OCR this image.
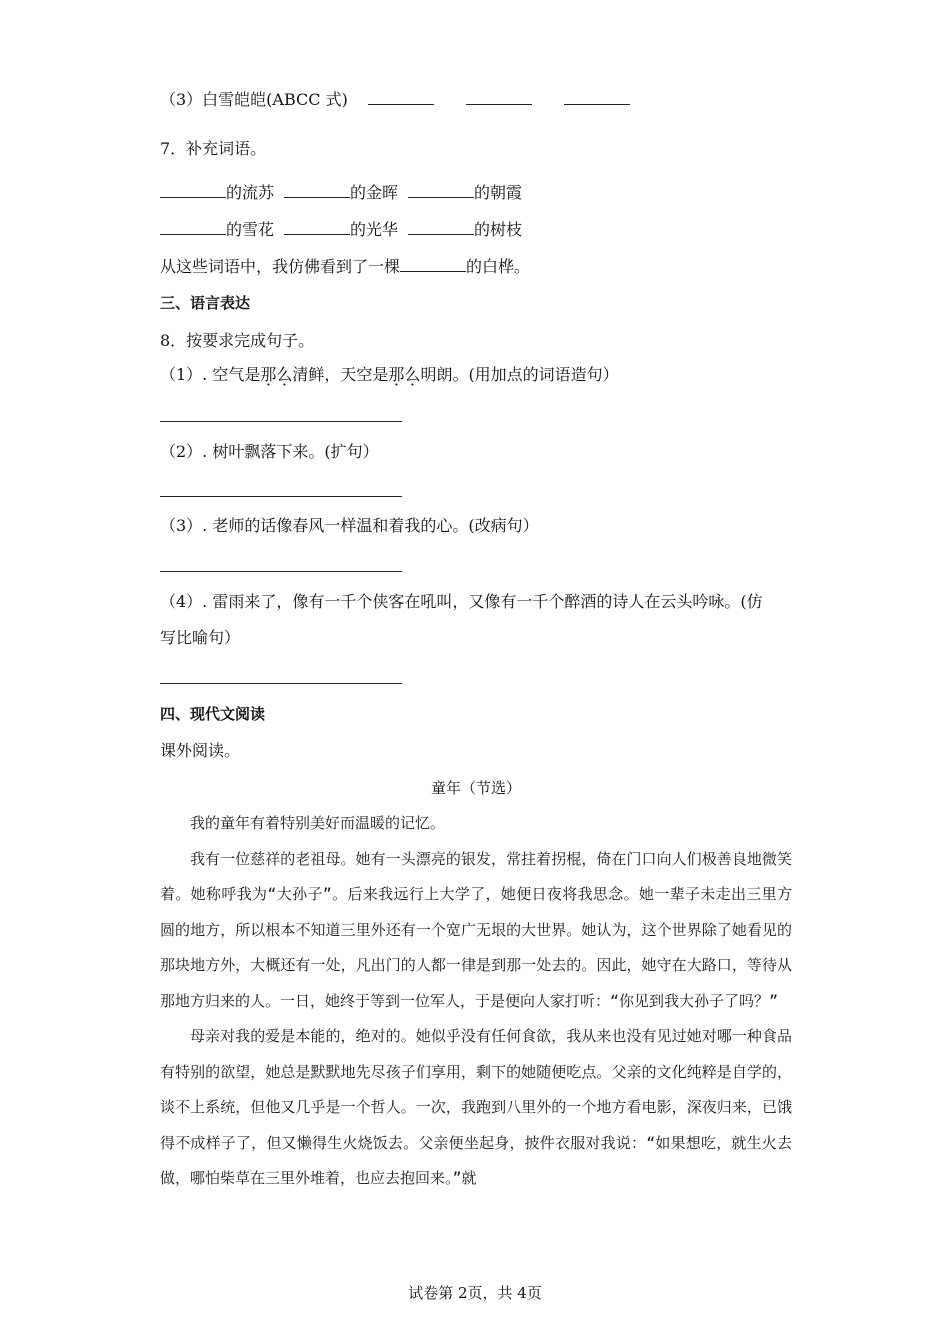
（3）白雪皑皑(ABCC 式)
7．补充词语。
的流苏	的金晖	的朝霞
的雪花	的光华	的树枝
从这些词语中，我仿佛看到了一棵	的白桦。
三、语言表达
8．按要求完成句子。
（1）. 空气是那么清鲜，天空是那么明朗。(用加点的词语造句）
（2）. 树叶飘落下来。(扩句）
（3）. 老师的话像春风一样温和着我的心。(改病句）
（4）. 雷雨来了，像有一千个侠客在吼叫，又像有一千个醉酒的诗人在云头吟咏。(仿
写比喻句）
四、现代文阅读
课外阅读。
童年（节选）

我的童年有着特别美好而温暖的记忆。

我有一位慈祥的老祖母。她有一头漂亮的银发，常拄着拐棍，倚在门口向人们极善良地微笑着。她称呼我为“大孙子”。后来我远行上大学了，她便日夜将我思念。她一辈子未走出三里方圆的地方，所以根本不知道三里外还有一个宽广无垠的大世界。她认为，这个世界除了她看见的那块地方外，大概还有一处，凡出门的人都一律是到那一处去的。因此，她守在大路口，等待从那地方归来的人。一日，她终于等到一位军人，于是便向人家打听：“你见到我大孙子了吗？”

母亲对我的爱是本能的，绝对的。她似乎没有任何食欲，我从来也没有见过她对哪一种食品有特别的欲望，她总是默默地先尽孩子们享用，剩下的她随便吃点。父亲的文化纯粹是自学的，谈不上系统，但他又几乎是一个哲人。一次，我跑到八里外的一个地方看电影，深夜归来，已饿得不成样子了，但又懒得生火烧饭去。父亲便坐起身，披件衣服对我说：“如果想吃，就生火去做，哪怕柴草在三里外堆着，也应去抱回来。”就

试卷第 2页，共 4页
